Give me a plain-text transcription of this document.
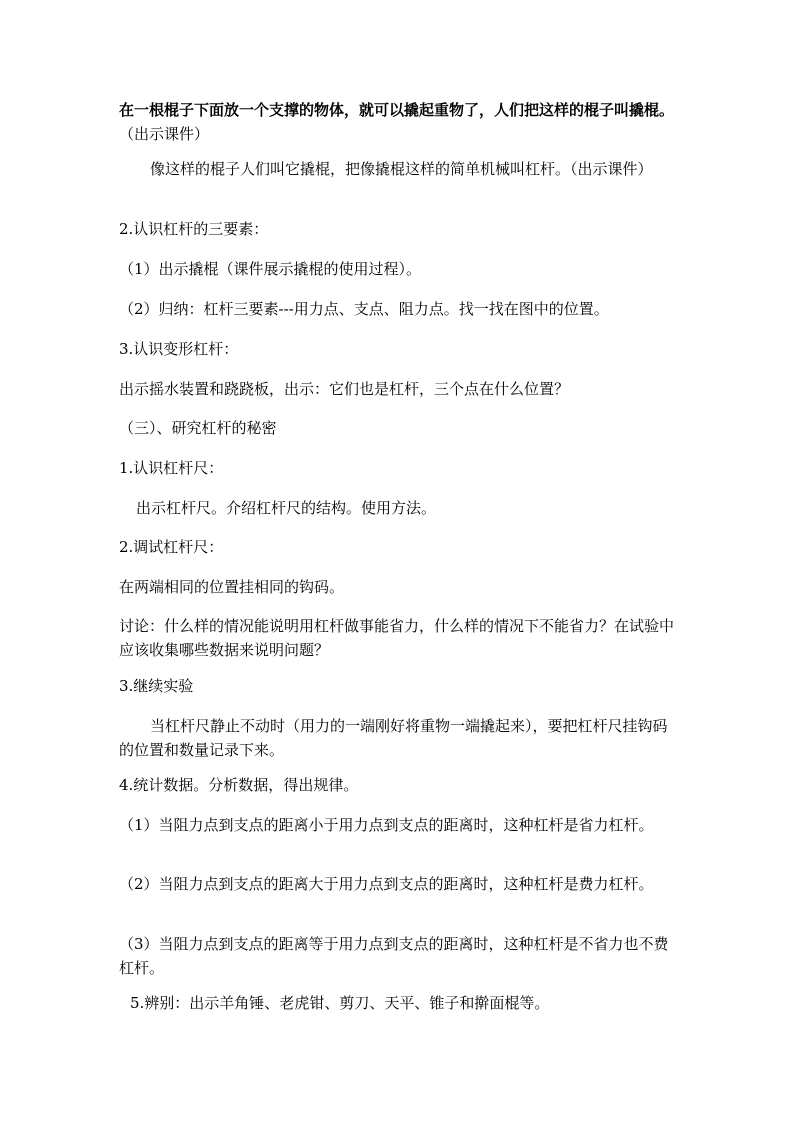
在一根棍子下面放一个支撑的物体，就可以撬起重物了，人们把这样的棍子叫撬棍。（出示课件）

像这样的棍子人们叫它撬棍，把像撬棍这样的简单机械叫杠杆。（出示课件）

2.认识杠杆的三要素：

（1）出示撬棍（课件展示撬棍的使用过程）。

（2）归纳：杠杆三要素---用力点、支点、阻力点。找一找在图中的位置。

3.认识变形杠杆：

出示摇水装置和跷跷板，出示：它们也是杠杆，三个点在什么位置？

（三）、研究杠杆的秘密

1.认识杠杆尺：

出示杠杆尺。介绍杠杆尺的结构。使用方法。

2.调试杠杆尺：

在两端相同的位置挂相同的钩码。

讨论：什么样的情况能说明用杠杆做事能省力，什么样的情况下不能省力？在试验中应该收集哪些数据来说明问题？

3.继续实验

当杠杆尺静止不动时（用力的一端刚好将重物一端撬起来），要把杠杆尺挂钩码的位置和数量记录下来。

4.统计数据。分析数据，得出规律。

（1）当阻力点到支点的距离小于用力点到支点的距离时，这种杠杆是省力杠杆。

（2）当阻力点到支点的距离大于用力点到支点的距离时，这种杠杆是费力杠杆。

（3）当阻力点到支点的距离等于用力点到支点的距离时，这种杠杆是不省力也不费杠杆。

5.辨别：出示羊角锤、老虎钳、剪刀、天平、锥子和擀面棍等。
